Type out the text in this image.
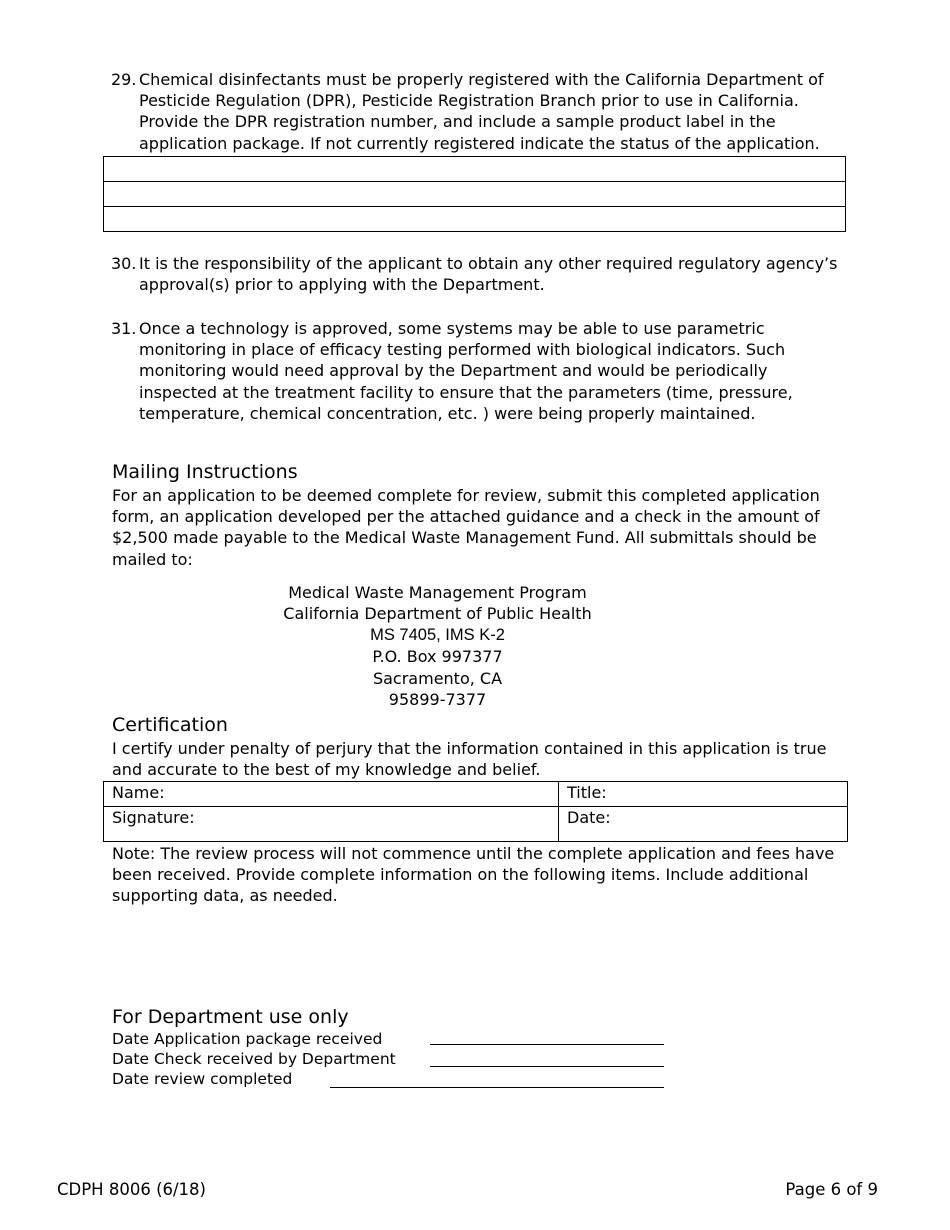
29. Chemical disinfectants must be properly registered with the California Department of Pesticide Regulation (DPR), Pesticide Registration Branch prior to use in California. Provide the DPR registration number, and include a sample product label in the application package. If not currently registered indicate the status of the application.
30. It is the responsibility of the applicant to obtain any other required regulatory agency’s approval(s) prior to applying with the Department.
31. Once a technology is approved, some systems may be able to use parametric monitoring in place of efficacy testing performed with biological indicators. Such monitoring would need approval by the Department and would be periodically inspected at the treatment facility to ensure that the parameters (time, pressure, temperature, chemical concentration, etc. ) were being properly maintained.
Mailing Instructions
For an application to be deemed complete for review, submit this completed application form, an application developed per the attached guidance and a check in the amount of $2,500 made payable to the Medical Waste Management Fund. All submittals should be mailed to:
Medical Waste Management Program
California Department of Public Health
MS 7405, IMS K-2
P.O. Box 997377
Sacramento, CA
95899-7377
Certification
I certify under penalty of perjury that the information contained in this application is true and accurate to the best of my knowledge and belief.
Name:	Title:
Signature:	Date:
Note: The review process will not commence until the complete application and fees have been received. Provide complete information on the following items. Include additional supporting data, as needed.
For Department use only
Date Application package received
Date Check received by Department
Date review completed
CDPH 8006 (6/18)	Page 6 of 9
